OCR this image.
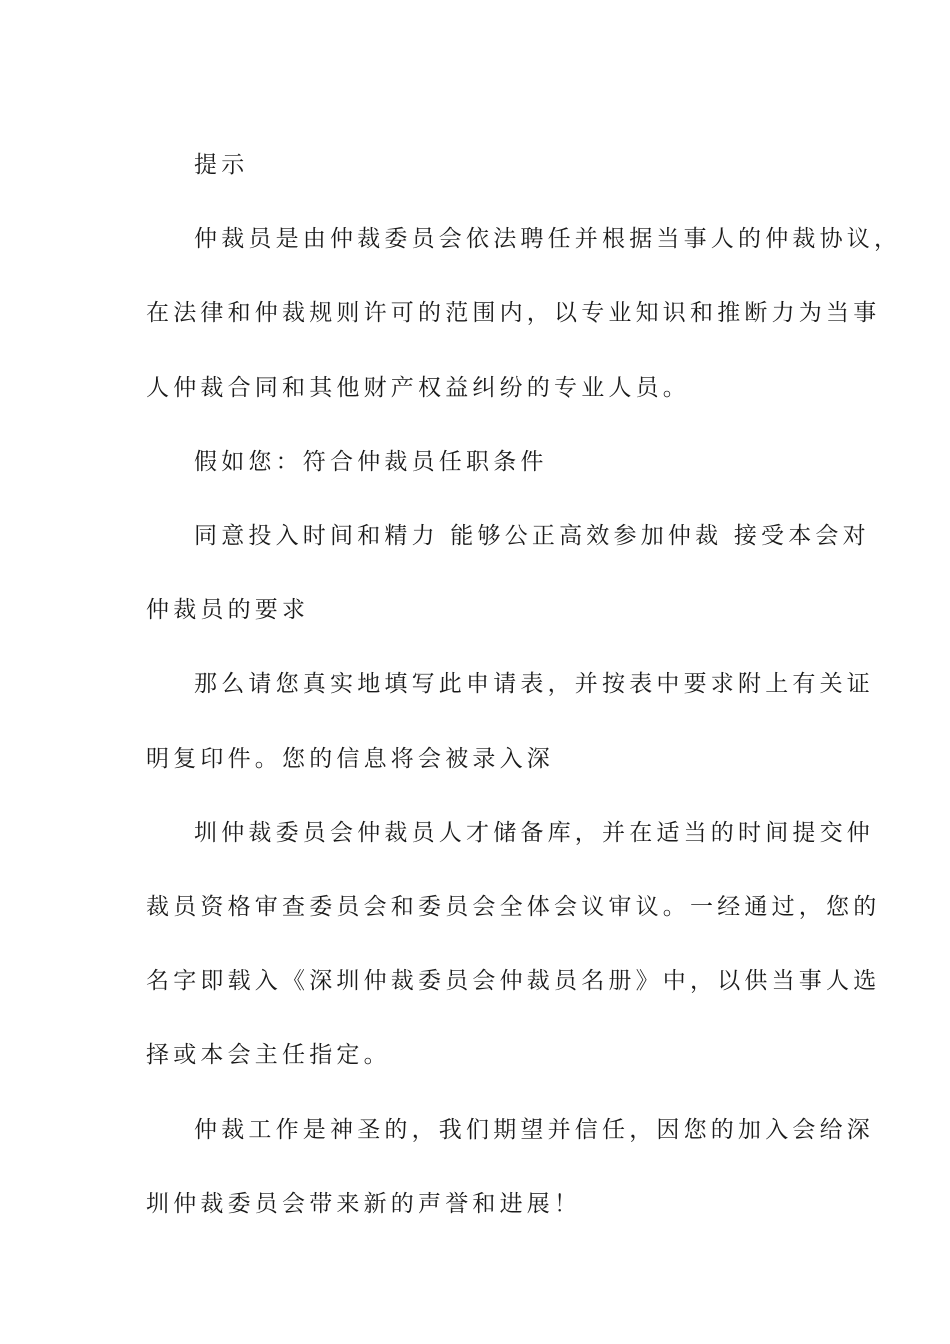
提示

仲裁员是由仲裁委员会依法聘任并根据当事人的仲裁协议，
在法律和仲裁规则许可的范围内，以专业知识和推断力为当事
人仲裁合同和其他财产权益纠纷的专业人员。

假如您：符合仲裁员任职条件

同意投入时间和精力 能够公正高效参加仲裁 接受本会对
仲裁员的要求

那么请您真实地填写此申请表，并按表中要求附上有关证
明复印件。您的信息将会被录入深

圳仲裁委员会仲裁员人才储备库，并在适当的时间提交仲
裁员资格审查委员会和委员会全体会议审议。一经通过，您的
名字即载入《深圳仲裁委员会仲裁员名册》中，以供当事人选
择或本会主任指定。

仲裁工作是神圣的，我们期望并信任，因您的加入会给深
圳仲裁委员会带来新的声誉和进展！
